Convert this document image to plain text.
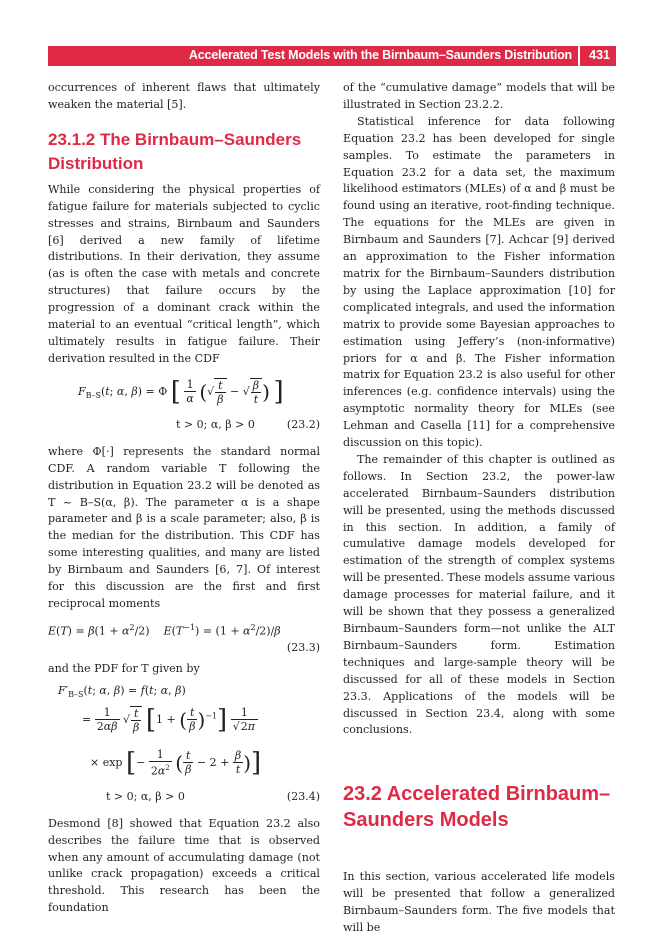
Accelerated Test Models with the Birnbaum–Saunders Distribution 431

occurrences of inherent flaws that ultimately weaken the material [5].

23.1.2 The Birnbaum–Saunders Distribution

While considering the physical properties of fatigue failure for materials subjected to cyclic stresses and strains, Birnbaum and Saunders [6] derived a new family of lifetime distributions. In their derivation, they assume (as is often the case with metals and concrete structures) that failure occurs by the progression of a dominant crack within the material to an eventual “critical length”, which ultimately results in fatigue failure. Their derivation resulted in the CDF

$F_{B-S}(t$; α, β) = Φ [ $\frac{1}{\alpha}$ (√ $\frac{t}{\beta}$ − √ $\frac{\beta}{t}$ ) ]
t > 0; α, β > 0	(23.2)

where Φ[·] represents the standard normal CDF. A random variable T following the distribution in Equation 23.2 will be denoted as T ~ B–S(α, β). The parameter α is a shape parameter and β is a scale parameter; also, β is the median for the distribution. This CDF has some interesting qualities, and many are listed by Birnbaum and Saunders [6, 7]. Of interest for this discussion are the first and first reciprocal moments

$E(T) = \beta(1 + \alpha^2/2)$    $E(T^{-1}) = (1 + \alpha^2/2)/\beta$
(23.3)

and the PDF for T given by

$F'_{B-S}(t$; α, β) = f(t; α, β)
= $\frac{1}{2\alpha\beta}$ √ $\frac{t}{\beta} [1$ + ( $\frac{t}{\beta} )^{-1}] \frac{1}{√2\pi}$
× exp [− $\frac{1}{2\alpha^2}$ ( $\frac{t}{\beta} - 2 + \frac{\beta}{t}$ )]
t > 0; α, β > 0	(23.4)

Desmond [8] showed that Equation 23.2 also describes the failure time that is observed when any amount of accumulating damage (not unlike crack propagation) exceeds a critical threshold. This research has been the foundation

of the “cumulative damage” models that will be illustrated in Section 23.2.2.

Statistical inference for data following Equation 23.2 has been developed for single samples. To estimate the parameters in Equation 23.2 for a data set, the maximum likelihood estimators (MLEs) of α and β must be found using an iterative, root-finding technique. The equations for the MLEs are given in Birnbaum and Saunders [7]. Achcar [9] derived an approximation to the Fisher information matrix for the Birnbaum–Saunders distribution by using the Laplace approximation [10] for complicated integrals, and used the information matrix to provide some Bayesian approaches to estimation using Jeffery’s (non-informative) priors for α and β. The Fisher information matrix for Equation 23.2 is also useful for other inferences (e.g. confidence intervals) using the asymptotic normality theory for MLEs (see Lehman and Casella [11] for a comprehensive discussion on this topic).

The remainder of this chapter is outlined as follows. In Section 23.2, the power-law accelerated Birnbaum–Saunders distribution will be presented, using the methods discussed in this section. In addition, a family of cumulative damage models developed for estimation of the strength of complex systems will be presented. These models assume various damage processes for material failure, and it will be shown that they possess a generalized Birnbaum–Saunders form—not unlike the ALT Birnbaum–Saunders form. Estimation techniques and large-sample theory will be discussed for all of these models in Section 23.3. Applications of the models will be discussed in Section 23.4, along with some conclusions.

23.2 Accelerated Birnbaum–Saunders Models

In this section, various accelerated life models will be presented that follow a generalized Birnbaum–Saunders form. The five models that will be
